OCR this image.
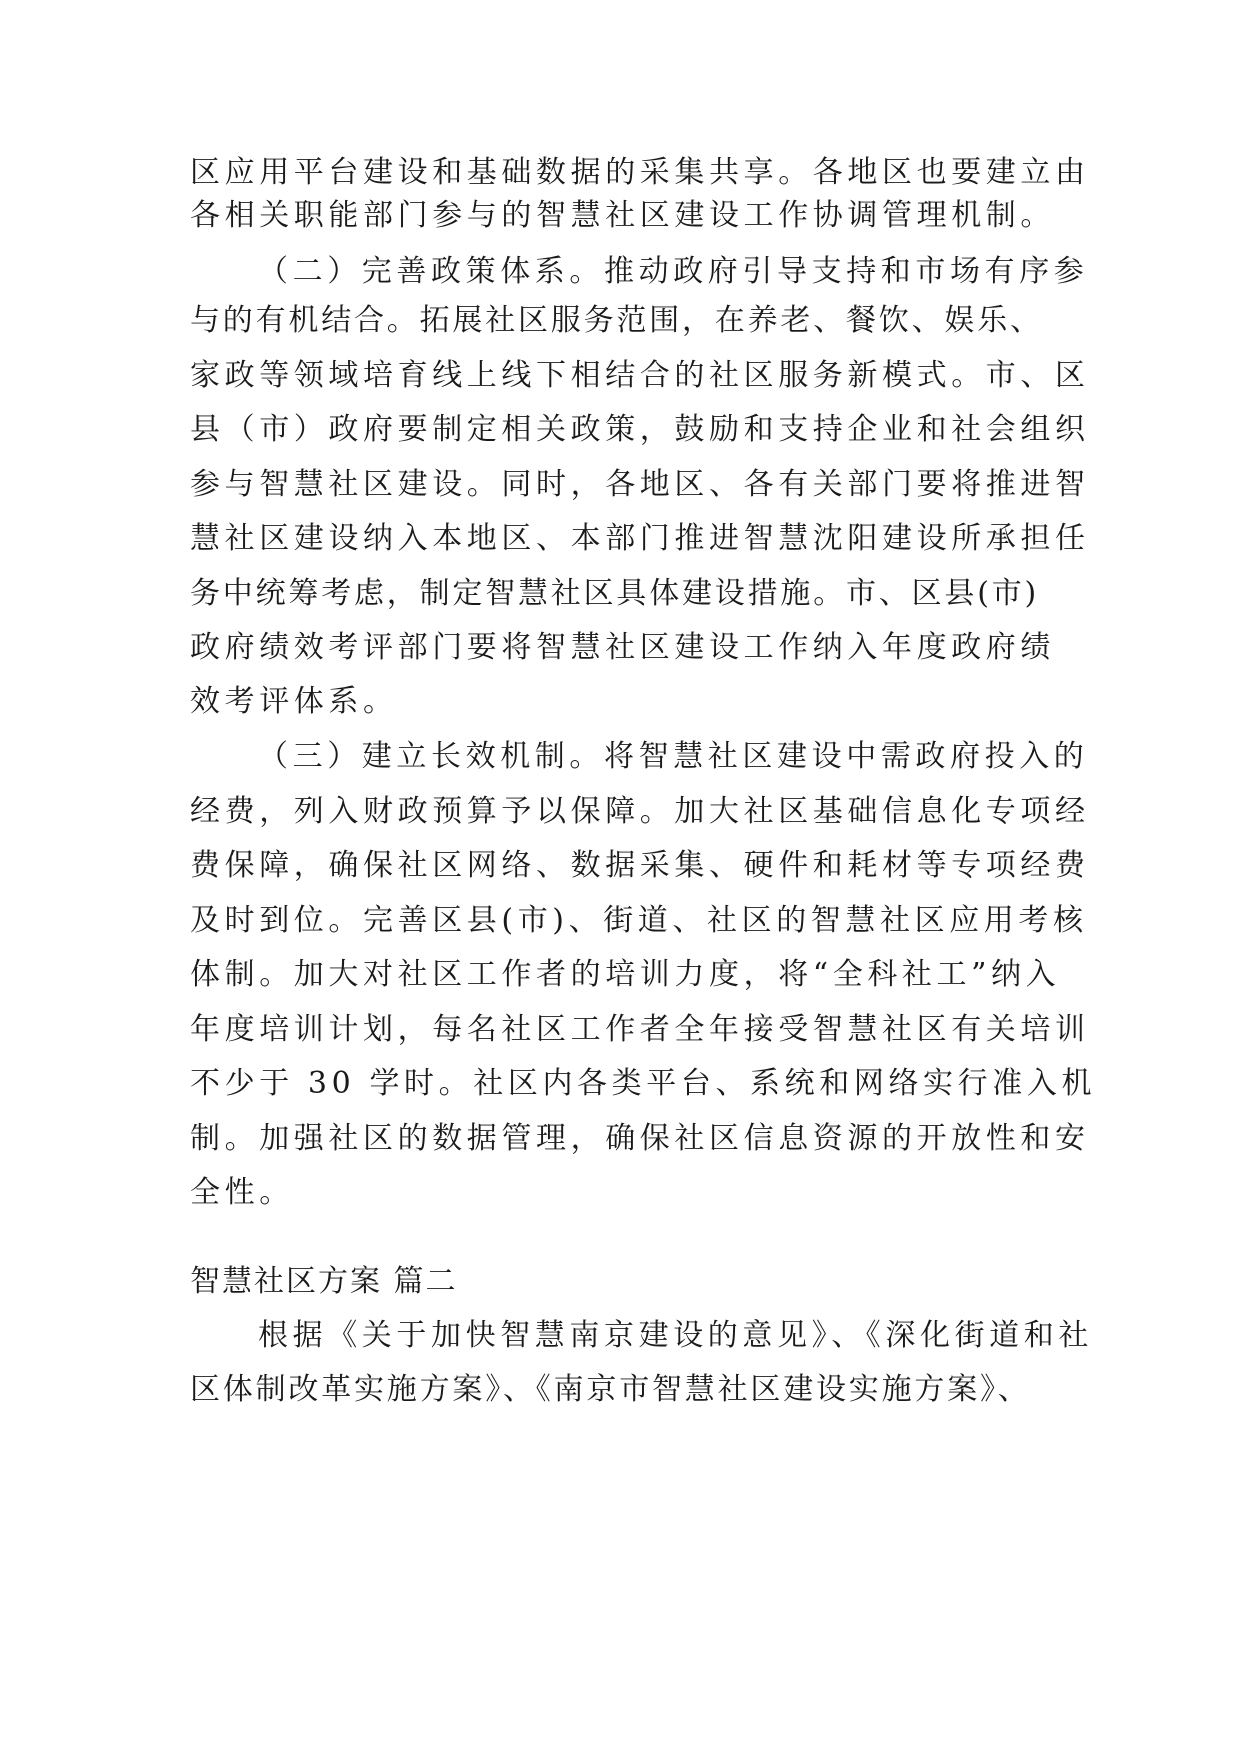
区应用平台建设和基础数据的采集共享。各地区也要建立由
各相关职能部门参与的智慧社区建设工作协调管理机制。
（二）完善政策体系。推动政府引导支持和市场有序参
与的有机结合。拓展社区服务范围，在养老、餐饮、娱乐、
家政等领域培育线上线下相结合的社区服务新模式。市、区
县（市）政府要制定相关政策，鼓励和支持企业和社会组织
参与智慧社区建设。同时，各地区、各有关部门要将推进智
慧社区建设纳入本地区、本部门推进智慧沈阳建设所承担任
务中统筹考虑，制定智慧社区具体建设措施。市、区县(市)
政府绩效考评部门要将智慧社区建设工作纳入年度政府绩
效考评体系。
（三）建立长效机制。将智慧社区建设中需政府投入的
经费，列入财政预算予以保障。加大社区基础信息化专项经
费保障，确保社区网络、数据采集、硬件和耗材等专项经费
及时到位。完善区县(市)、街道、社区的智慧社区应用考核
体制。加大对社区工作者的培训力度，将“全科社工”纳入
年度培训计划，每名社区工作者全年接受智慧社区有关培训
不少于 30 学时。社区内各类平台、系统和网络实行准入机
制。加强社区的数据管理，确保社区信息资源的开放性和安
全性。
智慧社区方案 篇二
根据《关于加快智慧南京建设的意见》、《深化街道和社
区体制改革实施方案》、《南京市智慧社区建设实施方案》、
